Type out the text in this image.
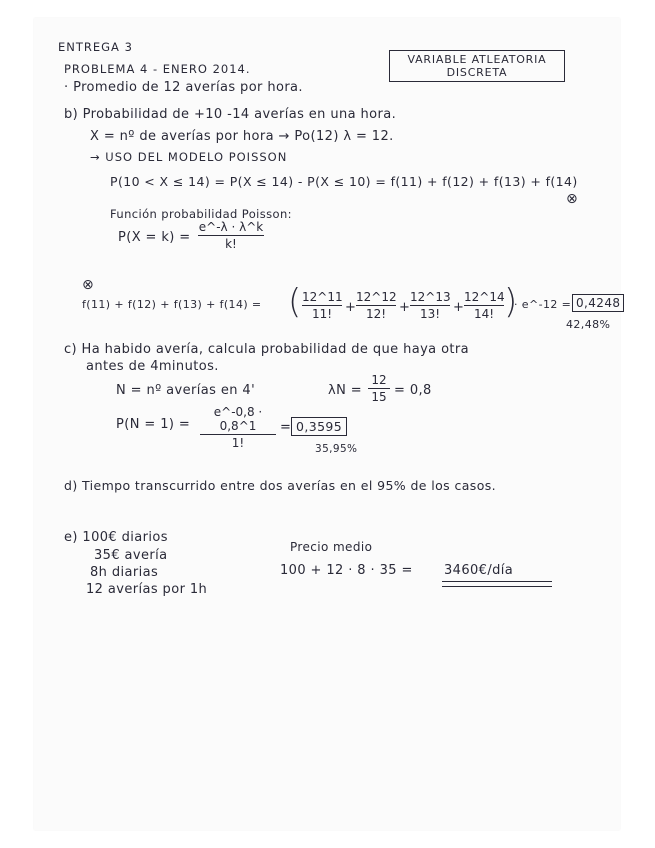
ENTREGA 3
PROBLEMA 4 - ENERO 2014.
VARIABLE ATLEATORIA
DISCRETA
· Promedio de 12 averías por hora.
b) Probabilidad de +10 -14 averías en una hora.
X = nº de averías por hora → Po(12) λ = 12.
→ USO DEL MODELO POISSON
P(10 < X ≤ 14) = P(X ≤ 14) - P(X ≤ 10) = f(11) + f(12) + f(13) + f(14)
⊗
Función probabilidad Poisson:
P(X = k) =
e^-λ · λ^k
k!
⊗
f(11) + f(12) + f(13) + f(14) = ( 12^11
11! +
12^12
12! +
12^13
13! +
12^14
14! )
· e^-12 = 0,4248
42,48%
c) Ha habido avería, calcula probabilidad de que haya otra
antes de 4minutos.
N = nº averías en 4'	λN =
12
15 = 0,8
P(N = 1) =
e^-0,8 · 0,8^1
1!
= 0,3595
35,95%
d) Tiempo transcurrido entre dos averías en el 95% de los casos.
e) 100€ diarios
35€ avería
8h diarias
12 averías por 1h
Precio medio
100 + 12 · 8 · 35 = 3460€/día
